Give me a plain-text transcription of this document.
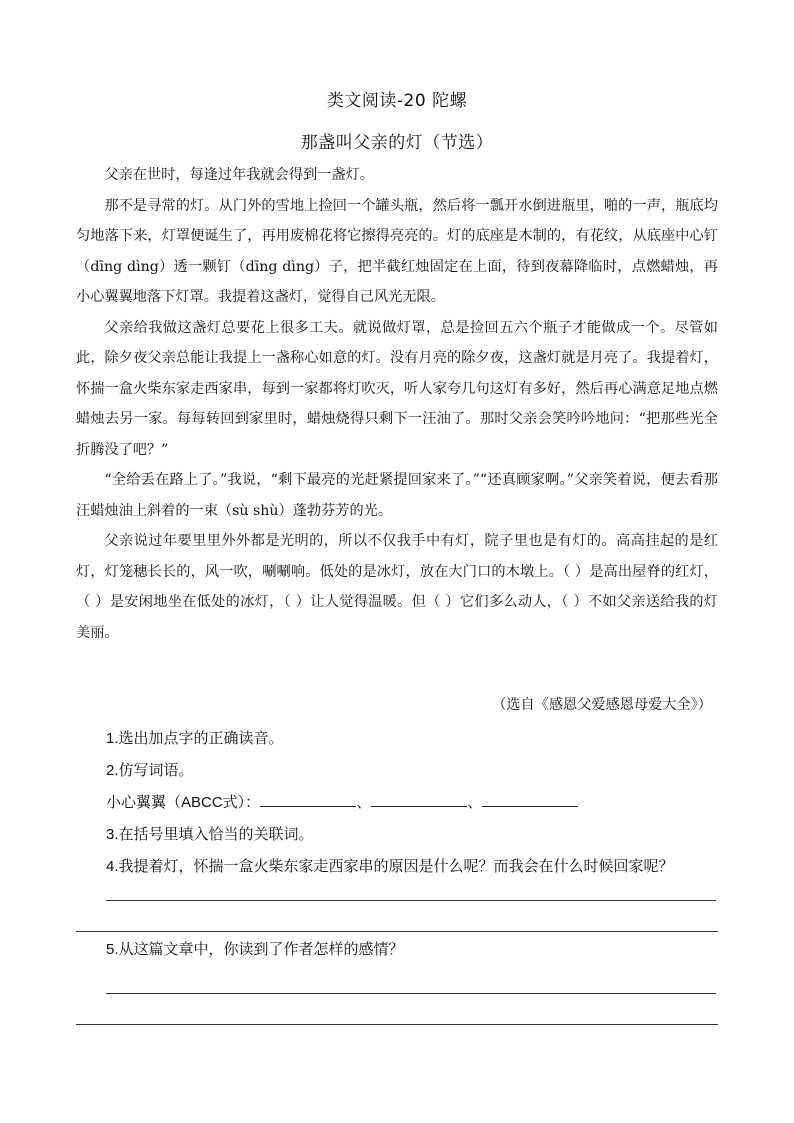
类文阅读-20 陀螺
那盏叫父亲的灯（节选）

父亲在世时，每逢过年我就会得到一盏灯。

那不是寻常的灯。从门外的雪地上捡回一个罐头瓶，然后将一瓢开水倒进瓶里，啪的一声，瓶底均匀地落下来，灯罩便诞生了，再用废棉花将它擦得亮亮的。灯的底座是木制的，有花纹，从底座中心钉（dīng dìng）透一颗钉（dīng dìng）子，把半截红烛固定在上面，待到夜幕降临时，点燃蜡烛，再小心翼翼地落下灯罩。我提着这盏灯，觉得自己风光无限。

父亲给我做这盏灯总要花上很多工夫。就说做灯罩，总是捡回五六个瓶子才能做成一个。尽管如此，除夕夜父亲总能让我提上一盏称心如意的灯。没有月亮的除夕夜，这盏灯就是月亮了。我提着灯，怀揣一盒火柴东家走西家串，每到一家都将灯吹灭，听人家夸几句这灯有多好，然后再心满意足地点燃蜡烛去另一家。每每转回到家里时，蜡烛烧得只剩下一汪油了。那时父亲会笑吟吟地问：“把那些光全折腾没了吧？”

“全给丢在路上了。”我说，“剩下最亮的光赶紧提回家来了。”“还真顾家啊。”父亲笑着说，便去看那汪蜡烛油上斜着的一束（sù shù）蓬勃芬芳的光。

父亲说过年要里里外外都是光明的，所以不仅我手中有灯，院子里也是有灯的。高高挂起的是红灯，灯笼穗长长的，风一吹，唰唰响。低处的是冰灯，放在大门口的木墩上。（ ）是高出屋脊的红灯，（ ）是安闲地坐在低处的冰灯，（ ）让人觉得温暖。但（ ）它们多么动人，（ ）不如父亲送给我的灯美丽。

（选自《感恩父爱感恩母爱大全》）
1.选出加点字的正确读音。
2.仿写词语。
小心翼翼（ABCC式）：	、	、
3.在括号里填入恰当的关联词。
4.我提着灯，怀揣一盒火柴东家走西家串的原因是什么呢？而我会在什么时候回家呢？
5.从这篇文章中，你读到了作者怎样的感情？
